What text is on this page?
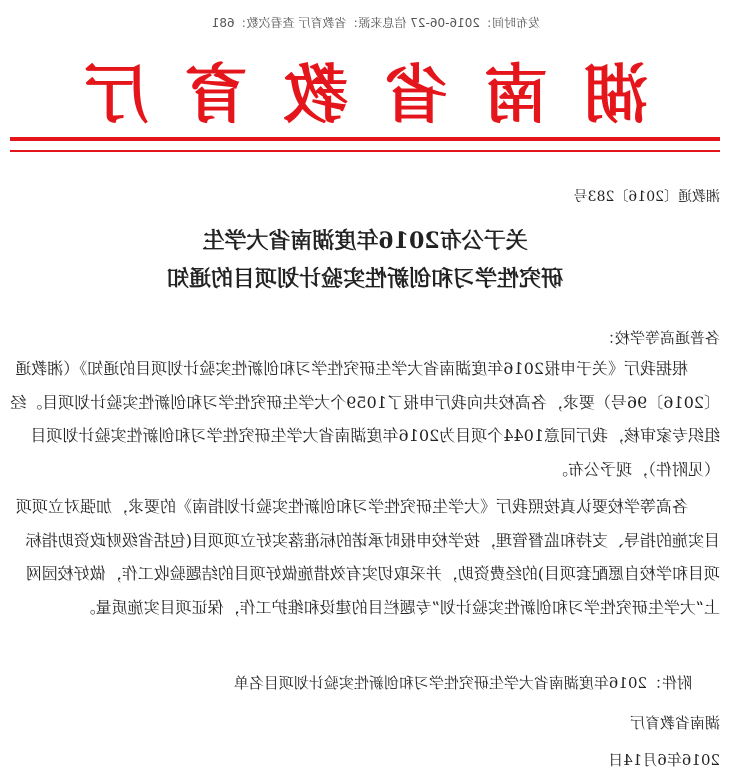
发布时间：2016-06-27 信息来源：省教育厅 查看次数：681
湖
南
省
教
育
厅
湘教通〔2016〕283号
关于公布2016年度湖南省大学生
研究性学习和创新性实验计划项目的通知
各普通高等学校：
根据我厅《关于申报2016年度湖南省大学生研究性学习和创新性实验计划项目的通知》（湘教通〔2016〕96号）要求，各高校共向我厅申报了1059个大学生研究性学习和创新性实验计划项目。经组织专家审核，我厅同意1044个项目为2016年度湖南省大学生研究性学习和创新性实验计划项目（见附件），现予公布。
各高等学校要认真按照我厅《大学生研究性学习和创新性实验计划指南》的要求，加强对立项项目实施的指导、支持和监督管理，按学校申报时承诺的标准落实好立项项目(包括省级财政资助指标项目和学校自愿配套项目)的经费资助，并采取切实有效措施做好项目的结题验收工作，做好校园网上“大学生研究性学习和创新性实验计划”专题栏目的建设和维护工作，保证项目实施质量。
附件：2016年度湖南省大学生研究性学习和创新性实验计划项目名单
湖南省教育厅
2016年6月14日
